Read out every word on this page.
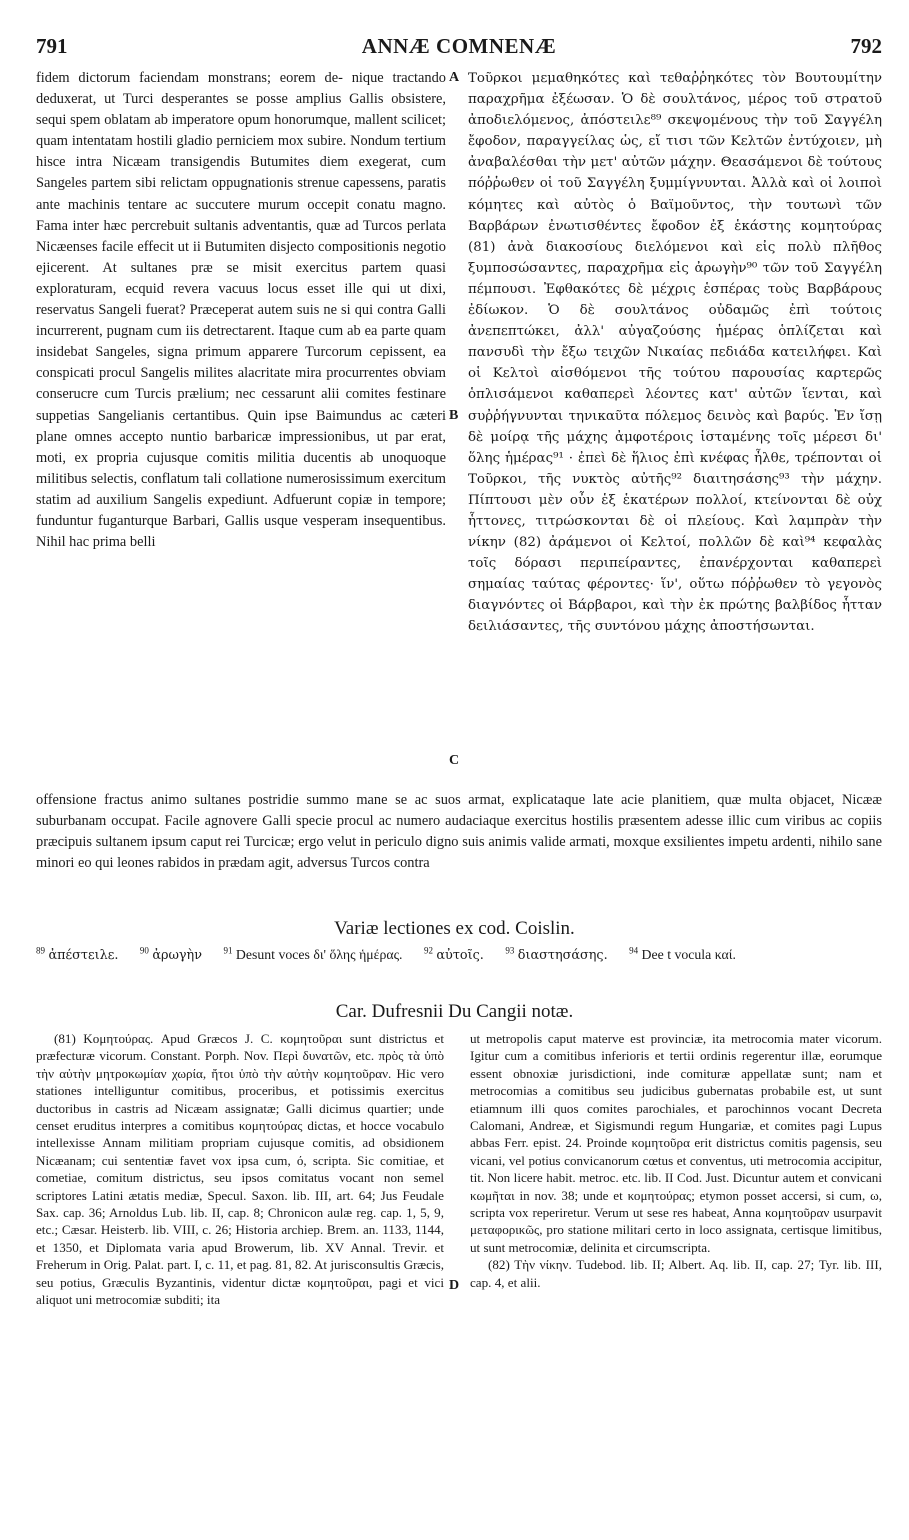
791	ANNÆ COMNENÆ	792

fidem dictorum faciendam monstrans; eorem de- nique tractando deduxerat, ut Turci desperantes se posse amplius Gallis obsistere, sequi spem oblatam ab imperatore opum honorumque, mallent scilicet; quam intentatam hostili gladio perniciem mox subire. Nondum tertium hisce intra Nicæam transigendis Butumites diem exegerat, cum Sangeles partem sibi relictam oppugnationis strenue capessens, paratis ante machinis tentare ac succutere murum occepit conatu magno. Fama inter hæc percrebuit sultanis adventantis, quæ ad Turcos perlata Nicæenses facile effecit ut ii Butumiten disjecto compositionis negotio ejicerent. At sultanes præ se misit exercitus partem quasi exploraturam, ecquid revera vacuus locus esset ille qui ut dixi, reservatus Sangeli fuerat? Præceperat autem suis ne si qui contra Galli incurrerent, pugnam cum iis detrectarent. Itaque cum ab ea parte quam insidebat Sangeles, signa primum apparere Turcorum cepissent, ea conspicati procul Sangelis milites alacritate mira procurrentes obviam conserucre cum Turcis prælium; nec cessarunt alii comites festinare suppetias Sangelianis certantibus. Quin ipse Baimundus ac cæteri plane omnes accepto nuntio barbaricæ impressionibus, ut par erat, moti, ex propria cujusque comitis militia ducentis ab unoquoque militibus selectis, conflatum tali collatione numerosissimum exercitum statim ad auxilium Sangelis expediunt. Adfuerunt copiæ in tempore; funduntur fuganturque Barbari, Gallis usque vesperam insequentibus. Nihil hac prima belli

A
B
C

Τοῦρκοι μεμαθηκότες καὶ τεθαῤῥηκότες τὸν Βουτουμίτην παραχρῆμα ἐξέωσαν. Ὁ δὲ σουλτάνος, μέρος τοῦ στρατοῦ ἀποδιελόμενος, ἀπόστειλε⁸⁹ σκεψομένους τὴν τοῦ Σαγγέλη ἔφοδον, παραγγείλας ὡς, εἴ τισι τῶν Κελτῶν ἐντύχοιεν, μὴ ἀναβαλέσθαι τὴν μετ' αὐτῶν μάχην. Θεασάμενοι δὲ τούτους πόῤῥωθεν οἱ τοῦ Σαγγέλη ξυμμίγνυνται. Ἀλλὰ καὶ οἱ λοιποὶ κόμητες καὶ αὐτὸς ὁ Βαϊμοῦντος, τὴν τουτωνὶ τῶν Βαρβάρων ἐνωτισθέντες ἔφοδον ἐξ ἑκάστης κομητούρας (81) ἀνὰ διακοσίους διελόμενοι καὶ εἰς πολὺ πλῆθος ξυμποσώσαντες, παραχρῆμα εἰς ἀρωγὴν⁹⁰ τῶν τοῦ Σαγγέλη πέμπουσι. Ἐφθακότες δὲ μέχρις ἑσπέρας τοὺς Βαρβάρους ἐδίωκον. Ὁ δὲ σουλτάνος οὐδαμῶς ἐπὶ τούτοις ἀνεπεπτώκει, ἀλλ' αὐγαζούσης ἡμέρας ὁπλίζεται καὶ πανσυδὶ τὴν ἔξω τειχῶν Νικαίας πεδιάδα κατειλήφει. Καὶ οἱ Κελτοὶ αἰσθόμενοι τῆς τούτου παρουσίας καρτερῶς ὁπλισάμενοι καθαπερεὶ λέοντες κατ' αὐτῶν ἵενται, καὶ συῤῥήγνυνται τηνικαῦτα πόλεμος δεινὸς καὶ βαρύς. Ἐν ἴσῃ δὲ μοίρᾳ τῆς μάχης ἀμφοτέροις ἱσταμένης τοῖς μέρεσι δι' ὅλης ἡμέρας⁹¹ · ἐπεὶ δὲ ἥλιος ἐπὶ κνέφας ἦλθε, τρέπονται οἱ Τοῦρκοι, τῆς νυκτὸς αὐτῆς⁹² διαιτησάσης⁹³ τὴν μάχην. Πίπτουσι μὲν οὖν ἑξ ἑκατέρων πολλοί, κτείνονται δὲ οὐχ ἧττονες, τιτρώσκονται δὲ οἱ πλείους. Καὶ λαμπρὰν τὴν νίκην (82) ἀράμενοι οἱ Κελτοί, πολλῶν δὲ καὶ⁹⁴ κεφαλὰς τοῖς δόρασι περιπείραντες, ἐπανέρχονται καθαπερεὶ σημαίας ταύτας φέροντες· ἵν', οὕτω πόῤῥωθεν τὸ γεγονὸς διαγνόντες οἱ Βάρβαροι, καὶ τὴν ἐκ πρώτης βαλβίδος ἧτταν δειλιάσαντες, τῆς συντόνου μάχης ἀποστήσωνται.

offensione fractus animo sultanes postridie summo mane se ac suos armat, explicataque late acie planitiem, quæ multa objacet, Nicææ suburbanam occupat. Facile agnovere Galli specie procul ac numero audaciaque exercitus hostilis præsentem adesse illic cum viribus ac copiis præcipuis sultanem ipsum caput rei Turcicæ; ergo velut in periculo digno suis animis valide armati, moxque exsilientes impetu ardenti, nihilo sane minori eo qui leones rabidos in prædam agit, adversus Turcos contra
Variæ lectiones ex cod. Coislin.
$^{89}$ ἀπέστειλε. $^{90}$ ἀρωγὴν $^{91}$ Desunt voces δι' ὅλης ἡμέρας. $^{92}$ αὐτοῖς. $^{93}$ διαστησάσης. $^{94}$ Dee t vocula καί.
Car. Dufresnii Du Cangii notæ.

(81) Κομητούρας. Apud Græcos J. C. κομητοῦραι sunt districtus et præfecturæ vicorum. Constant. Porph. Nov. Περὶ δυνατῶν, etc. πρὸς τὰ ὑπὸ τὴν αὐτὴν μητροκωμίαν χωρία, ἤτοι ὑπὸ τὴν αὐτὴν κομητοῦραν. Hic vero stationes intelliguntur comitibus, proceribus, et potissimis exercitus ductoribus in castris ad Nicæam assignatæ; Galli dicimus quartier; unde censet eruditus interpres a comitibus κομητούρας dictas, et hocce vocabulo intellexisse Annam militiam propriam cujusque comitis, ad obsidionem Nicæanam; cui sententiæ favet vox ipsa cum, ό, scripta. Sic comitiae, et cometiae, comitum districtus, seu ipsos comitatus vocant non semel scriptores Latini ætatis mediæ, Specul. Saxon. lib. III, art. 64; Jus Feudale Sax. cap. 36; Arnoldus Lub. lib. II, cap. 8; Chronicon aulæ reg. cap. 1, 5, 9, etc.; Cæsar. Heisterb. lib. VIII, c. 26; Historia archiep. Brem. an. 1133, 1144, et 1350, et Diplomata varia apud Browerum, lib. XV Annal. Trevir. et Freherum in Orig. Palat. part. I, c. 11, et pag. 81, 82. At jurisconsultis Græcis, seu potius, Græculis Byzantinis, videntur dictæ κομητοῦραι, pagi et vici aliquot uni metrocomiæ subditi; ita

D

ut metropolis caput materve est provinciæ, ita metrocomia mater vicorum. Igitur cum a comitibus inferioris et tertii ordinis regerentur illæ, eorumque essent obnoxiæ jurisdictioni, inde comituræ appellatæ sunt; nam et metrocomias a comitibus seu judicibus gubernatas probabile est, ut sunt etiamnum illi quos comites parochiales, et parochinnos vocant Decreta Calomani, Andreæ, et Sigismundi regum Hungariæ, et comites pagi Lupus abbas Ferr. epist. 24. Proinde κομητοῦρα erit districtus comitis pagensis, seu vicani, vel potius convicanorum cœtus et conventus, uti metrocomia accipitur, tit. Non licere habit. metroc. etc. lib. II Cod. Just. Dicuntur autem et convicani κωμῆται in nov. 38; unde et κομητούρας; etymon posset accersi, si cum, ω, scripta vox reperiretur. Verum ut sese res habeat, Anna κομητοῦραν usurpavit μεταφορικῶς, pro statione militari certo in loco assignata, certisque limitibus, ut sunt metrocomiæ, delinita et circumscripta.

(82) Τὴν νίκην. Tudebod. lib. II; Albert. Aq. lib. II, cap. 27; Tyr. lib. III, cap. 4, et alii.
